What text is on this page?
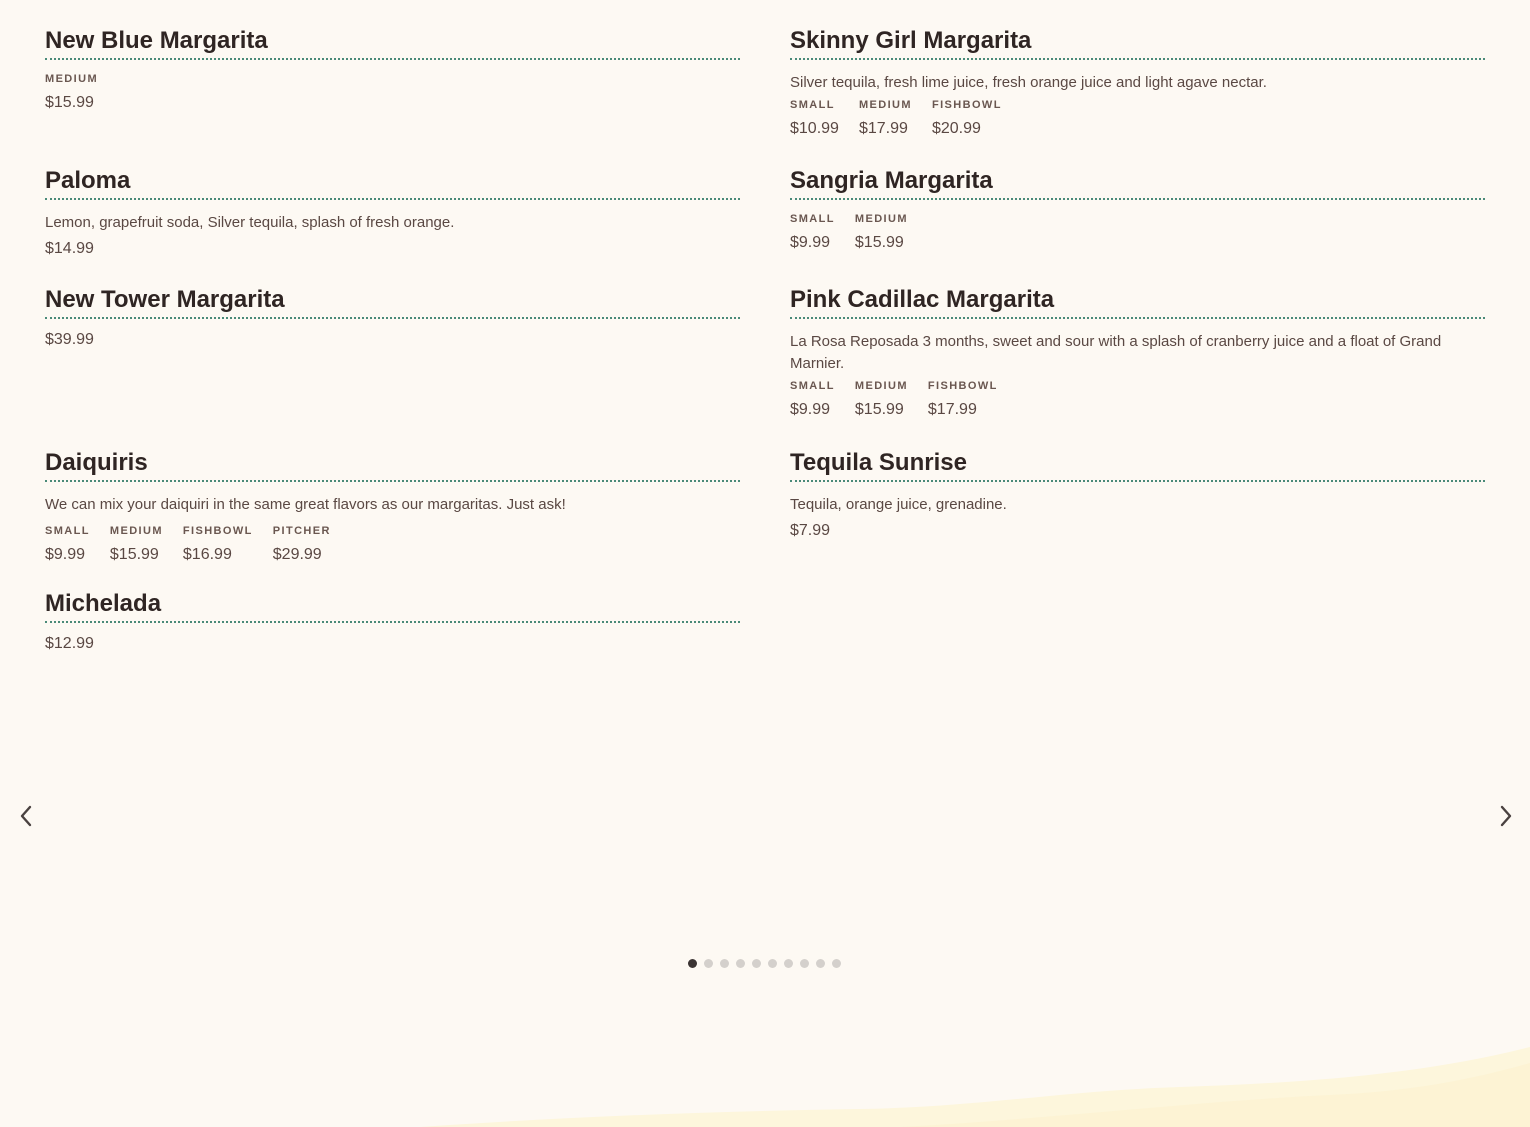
New Blue Margarita
MEDIUM
$15.99
Paloma
Lemon, grapefruit soda, Silver tequila, splash of fresh orange.
$14.99
New Tower Margarita
$39.99
Daiquiris
We can mix your daiquiri in the same great flavors as our margaritas. Just ask!
SMALL
$9.99
MEDIUM
$15.99
FISHBOWL
$16.99
PITCHER
$29.99
Michelada
$12.99
Skinny Girl Margarita
Silver tequila, fresh lime juice, fresh orange juice and light agave nectar.
SMALL
$10.99
MEDIUM
$17.99
FISHBOWL
$20.99
Sangria Margarita
SMALL
$9.99
MEDIUM
$15.99
Pink Cadillac Margarita
La Rosa Reposada 3 months, sweet and sour with a splash of cranberry juice and a float of Grand Marnier.
SMALL
$9.99
MEDIUM
$15.99
FISHBOWL
$17.99
Tequila Sunrise
Tequila, orange juice, grenadine.
$7.99
